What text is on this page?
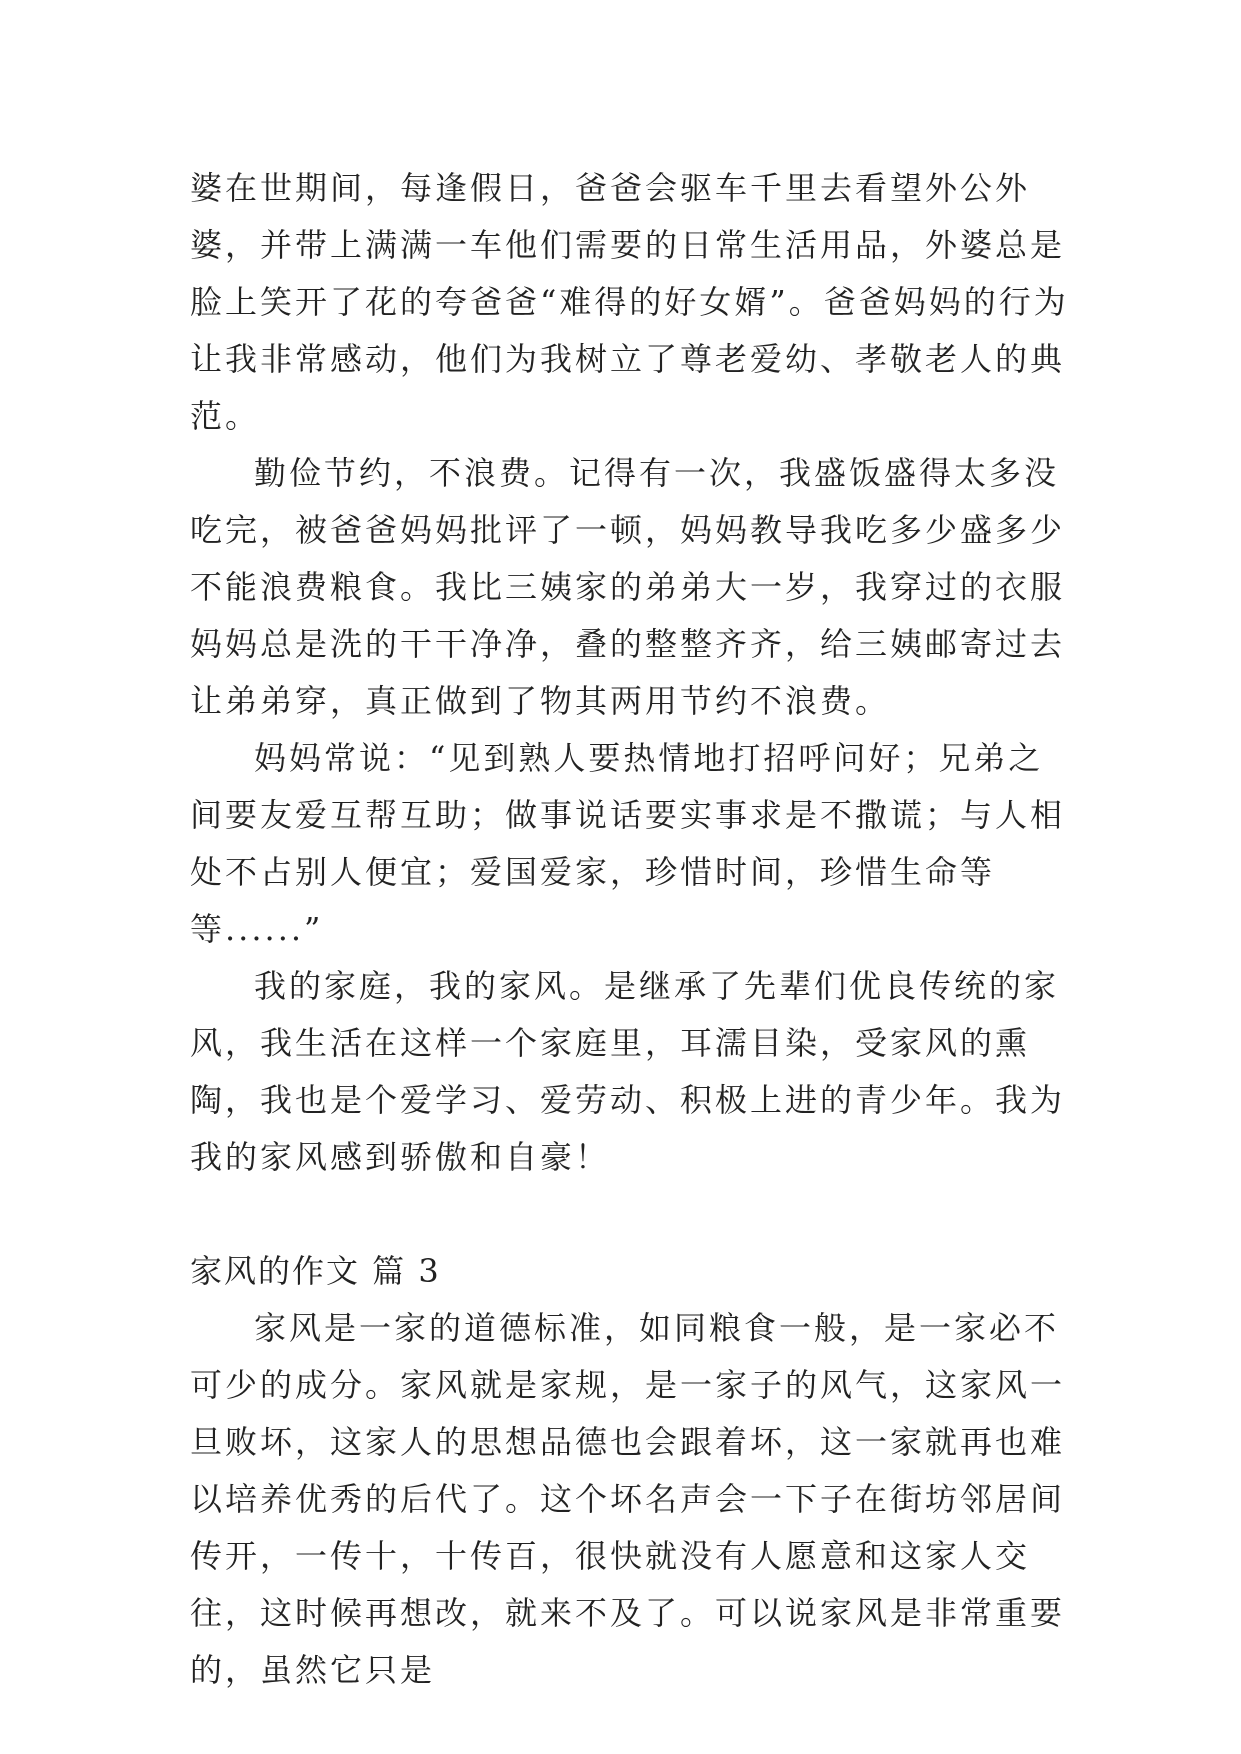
婆在世期间，每逢假日，爸爸会驱车千里去看望外公外婆，并带上满满一车他们需要的日常生活用品，外婆总是脸上笑开了花的夸爸爸“难得的好女婿”。爸爸妈妈的行为让我非常感动，他们为我树立了尊老爱幼、孝敬老人的典范。

勤俭节约，不浪费。记得有一次，我盛饭盛得太多没吃完，被爸爸妈妈批评了一顿，妈妈教导我吃多少盛多少不能浪费粮食。我比三姨家的弟弟大一岁，我穿过的衣服妈妈总是洗的干干净净，叠的整整齐齐，给三姨邮寄过去让弟弟穿，真正做到了物其两用节约不浪费。

妈妈常说：“见到熟人要热情地打招呼问好；兄弟之间要友爱互帮互助；做事说话要实事求是不撒谎；与人相处不占别人便宜；爱国爱家，珍惜时间，珍惜生命等等......”

我的家庭，我的家风。是继承了先辈们优良传统的家风，我生活在这样一个家庭里，耳濡目染，受家风的熏陶，我也是个爱学习、爱劳动、积极上进的青少年。我为我的家风感到骄傲和自豪！

家风的作文 篇 3

家风是一家的道德标准，如同粮食一般，是一家必不可少的成分。家风就是家规，是一家子的风气，这家风一旦败坏，这家人的思想品德也会跟着坏，这一家就再也难以培养优秀的后代了。这个坏名声会一下子在街坊邻居间传开，一传十，十传百，很快就没有人愿意和这家人交往，这时候再想改，就来不及了。可以说家风是非常重要的，虽然它只是
